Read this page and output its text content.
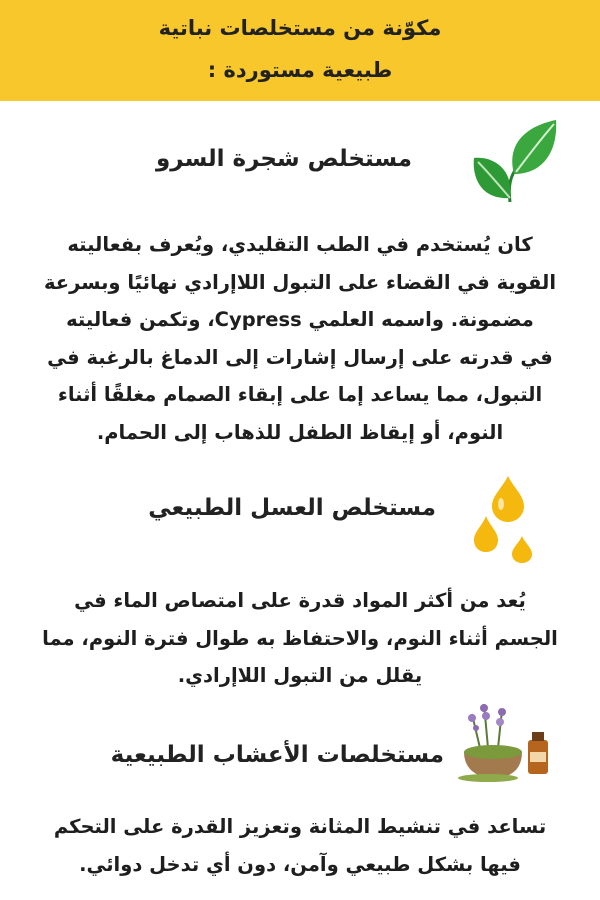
مكوّنة من مستخلصات نباتية
طبيعية مستوردة :
مستخلص شجرة السرو
كان يُستخدم في الطب التقليدي، ويُعرف بفعاليته
القوية في القضاء على التبول اللاإرادي نهائيًا وبسرعة
مضمونة. واسمه العلمي Cypress، وتكمن فعاليته
في قدرته على إرسال إشارات إلى الدماغ بالرغبة في
التبول، مما يساعد إما على إبقاء الصمام مغلقًا أثناء
النوم، أو إيقاظ الطفل للذهاب إلى الحمام.
مستخلص العسل الطبيعي
يُعد من أكثر المواد قدرة على امتصاص الماء في
الجسم أثناء النوم، والاحتفاظ به طوال فترة النوم، مما
يقلل من التبول اللاإرادي.
مستخلصات الأعشاب الطبيعية
تساعد في تنشيط المثانة وتعزيز القدرة على التحكم
فيها بشكل طبيعي وآمن، دون أي تدخل دوائي.
